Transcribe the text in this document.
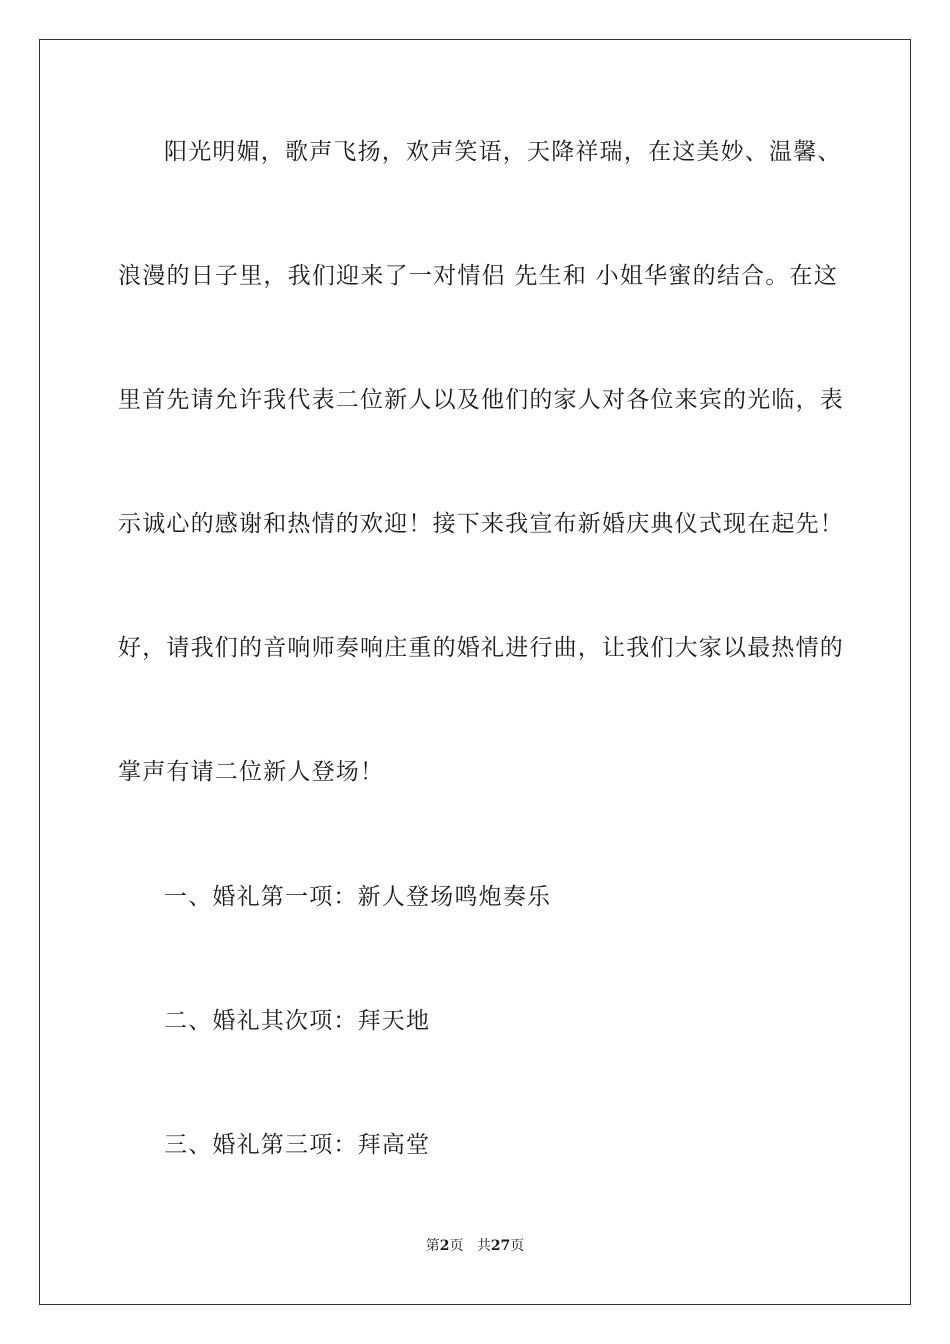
阳光明媚，歌声飞扬，欢声笑语，天降祥瑞，在这美妙、温馨、
浪漫的日子里，我们迎来了一对情侣 先生和 小姐华蜜的结合。在这
里首先请允许我代表二位新人以及他们的家人对各位来宾的光临，表
示诚心的感谢和热情的欢迎！接下来我宣布新婚庆典仪式现在起先！
好，请我们的音响师奏响庄重的婚礼进行曲，让我们大家以最热情的
掌声有请二位新人登场！
一、婚礼第一项：新人登场鸣炮奏乐
二、婚礼其次项：拜天地
三、婚礼第三项：拜高堂
第2页 共27页
